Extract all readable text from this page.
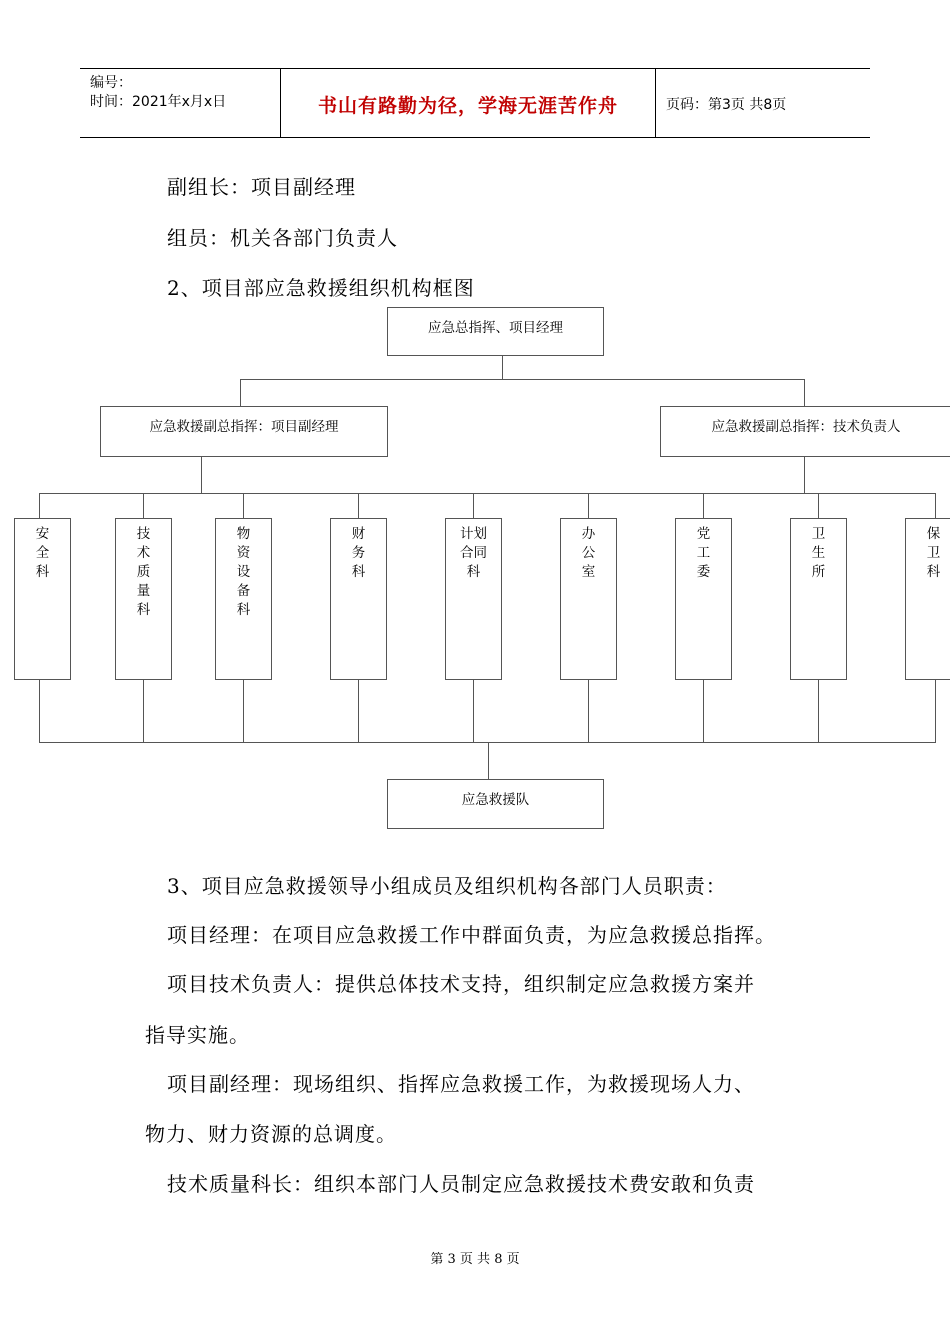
编号：
时间：2021年x月x日	书山有路勤为径，学海无涯苦作舟	页码：第3页 共8页
副组长：项目副经理
组员：机关各部门负责人
2、项目部应急救援组织机构框图
应急总指挥、项目经理
应急救援副总指挥：项目副经理	应急救援副总指挥：技术负责人
安全科
技术质量科
物资设备科
财务科
计划合同科
办公室
党工委
卫生所
保卫科
应急救援队
3、项目应急救援领导小组成员及组织机构各部门人员职责：
项目经理：在项目应急救援工作中群面负责，为应急救援总指挥。
项目技术负责人：提供总体技术支持，组织制定应急救援方案并
指导实施。
项目副经理：现场组织、指挥应急救援工作，为救援现场人力、
物力、财力资源的总调度。
技术质量科长：组织本部门人员制定应急救援技术费安敢和负责
第 3 页 共 8 页
